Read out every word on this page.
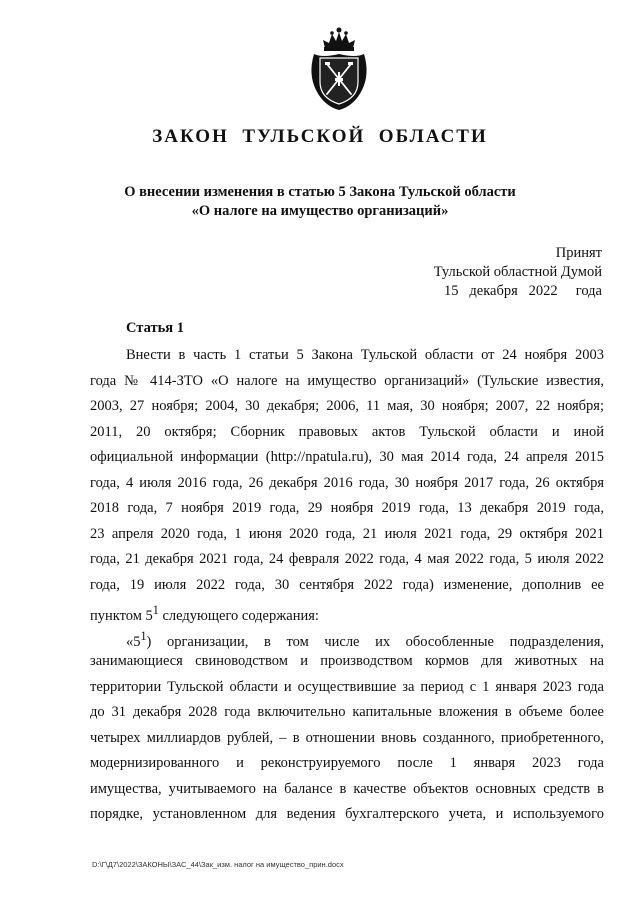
ЗАКОН  ТУЛЬСКОЙ  ОБЛАСТИ
О внесении изменения в статью 5 Закона Тульской области
«О налоге на имущество организаций»
Принят
Тульской областной Думой
15   декабря   2022     года
Статья 1
Внести в часть 1 статьи 5 Закона Тульской области от 24 ноября 2003
года № 414-ЗТО «О налоге на имущество организаций» (Тульские известия,
2003, 27 ноября; 2004, 30 декабря; 2006, 11 мая, 30 ноября; 2007, 22 ноября;
2011, 20 октября; Сборник правовых актов Тульской области и иной
официальной информации (http://npatula.ru), 30 мая 2014 года, 24 апреля 2015
года, 4 июля 2016 года, 26 декабря 2016 года, 30 ноября 2017 года, 26 октября
2018 года, 7 ноября 2019 года, 29 ноября 2019 года, 13 декабря 2019 года,
23 апреля 2020 года, 1 июня 2020 года, 21 июля 2021 года, 29 октября 2021
года, 21 декабря 2021 года, 24 февраля 2022 года, 4 мая 2022 года, 5 июля 2022
года, 19 июля 2022 года, 30 сентября 2022 года) изменение, дополнив ее
пунктом $5^1$ следующего содержания:
«$5^1$) организации, в том числе их обособленные подразделения,
занимающиеся свиноводством и производством кормов для животных на
территории Тульской области и осуществившие за период с 1 января 2023 года
до 31 декабря 2028 года включительно капитальные вложения в объеме более
четырех миллиардов рублей, – в отношении вновь созданного, приобретенного,
модернизированного и реконструируемого после 1 января 2023 года
имущества, учитываемого на балансе в качестве объектов основных средств в
порядке, установленном для ведения бухгалтерского учета, и используемого
D:\Г\Д7\2022\ЗАКОНЫ\ЗАС_44\Зак_изм. налог на имущество_прин.docx
